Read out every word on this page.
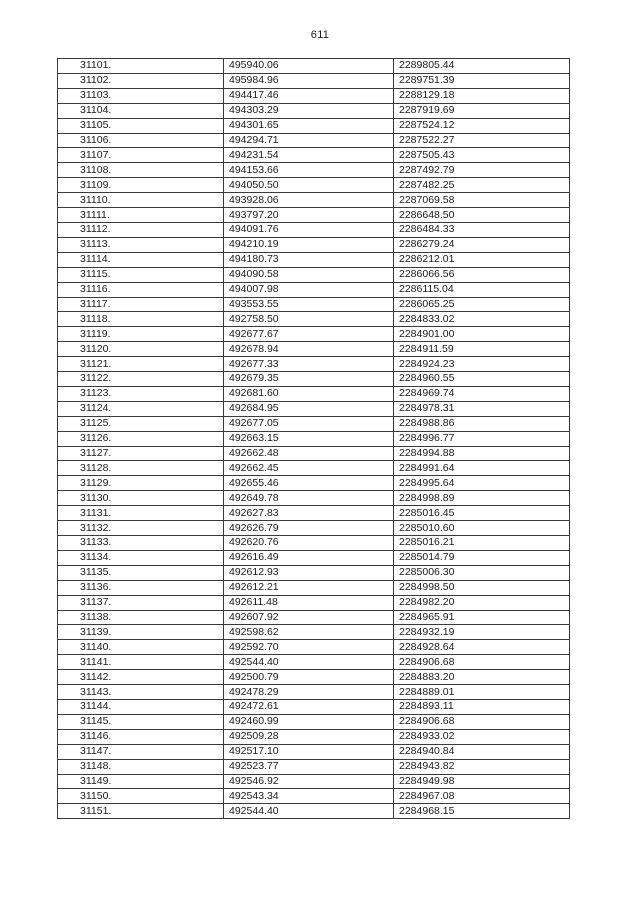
611
31101.	495940.06	2289805.44
31102.	495984.96	2289751.39
31103.	494417.46	2288129.18
31104.	494303.29	2287919.69
31105.	494301.65	2287524.12
31106.	494294.71	2287522.27
31107.	494231.54	2287505.43
31108.	494153.66	2287492.79
31109.	494050.50	2287482.25
31110.	493928.06	2287069.58
31111.	493797.20	2286648.50
31112.	494091.76	2286484.33
31113.	494210.19	2286279.24
31114.	494180.73	2286212.01
31115.	494090.58	2286066.56
31116.	494007.98	2286115.04
31117.	493553.55	2286065.25
31118.	492758.50	2284833.02
31119.	492677.67	2284901.00
31120.	492678.94	2284911.59
31121.	492677.33	2284924.23
31122.	492679.35	2284960.55
31123.	492681.60	2284969.74
31124.	492684.95	2284978.31
31125.	492677.05	2284988.86
31126.	492663.15	2284996.77
31127.	492662.48	2284994.88
31128.	492662.45	2284991.64
31129.	492655.46	2284995.64
31130.	492649.78	2284998.89
31131.	492627.83	2285016.45
31132.	492626.79	2285010.60
31133.	492620.76	2285016.21
31134.	492616.49	2285014.79
31135.	492612.93	2285006.30
31136.	492612.21	2284998.50
31137.	492611.48	2284982.20
31138.	492607.92	2284965.91
31139.	492598.62	2284932.19
31140.	492592.70	2284928.64
31141.	492544.40	2284906.68
31142.	492500.79	2284883.20
31143.	492478.29	2284889.01
31144.	492472.61	2284893.11
31145.	492460.99	2284906.68
31146.	492509.28	2284933.02
31147.	492517.10	2284940.84
31148.	492523.77	2284943.82
31149.	492546.92	2284949.98
31150.	492543.34	2284967.08
31151.	492544.40	2284968.15
